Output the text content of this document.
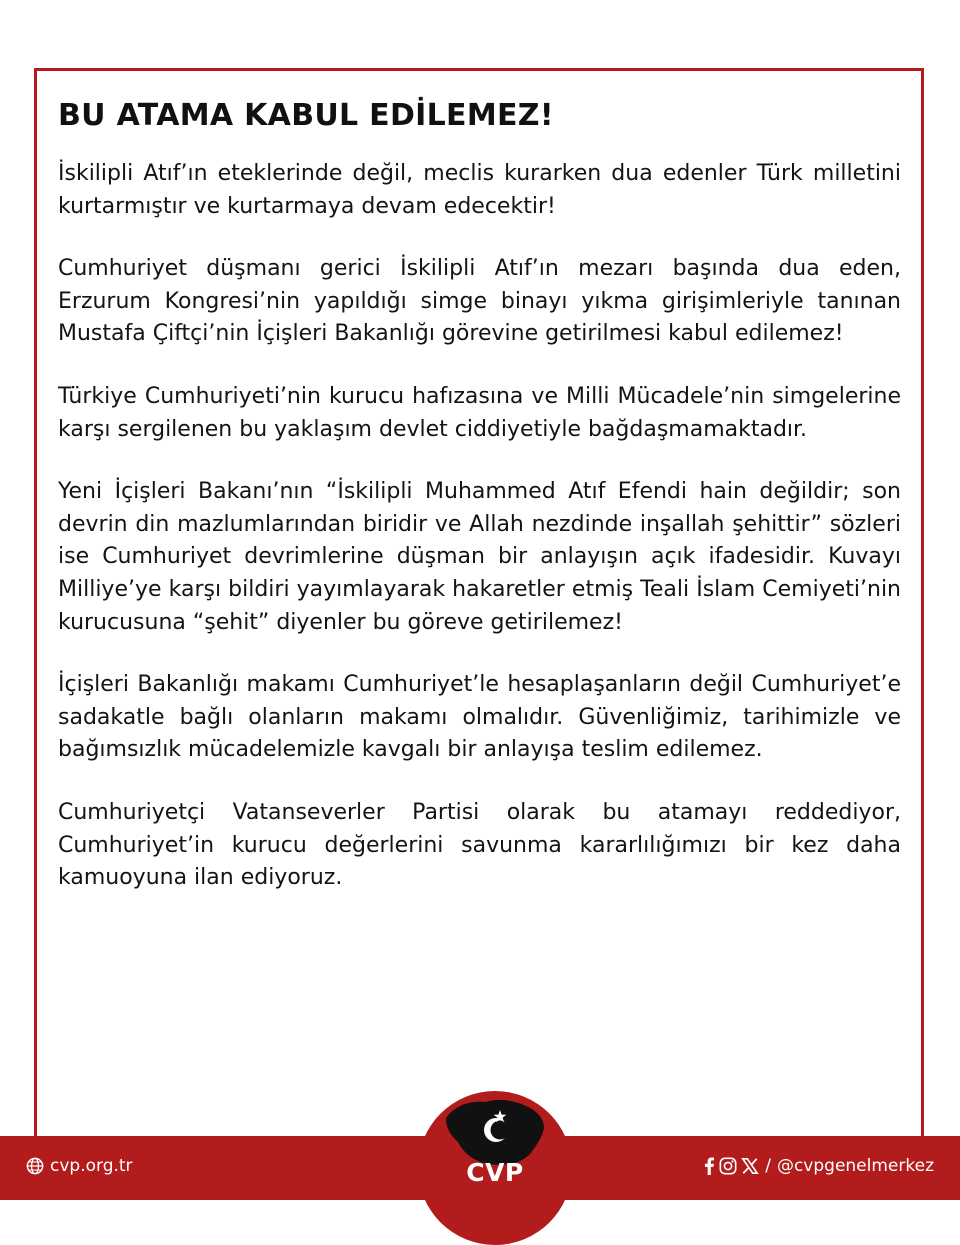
BU ATAMA KABUL EDİLEMEZ!

İskilipli Atıf’ın eteklerinde değil, meclis kurarken dua edenler Türk milletini kurtarmıştır ve kurtarmaya devam edecektir!

Cumhuriyet düşmanı gerici İskilipli Atıf’ın mezarı başında dua eden, Erzurum Kongresi’nin yapıldığı simge binayı yıkma girişimleriyle tanınan Mustafa Çiftçi’nin İçişleri Bakanlığı görevine getirilmesi kabul edilemez!

Türkiye Cumhuriyeti’nin kurucu hafızasına ve Milli Mücadele’nin simgelerine karşı sergilenen bu yaklaşım devlet ciddiyetiyle bağdaşmamaktadır.

Yeni İçişleri Bakanı’nın “İskilipli Muhammed Atıf Efendi hain değildir; son devrin din mazlumlarından biridir ve Allah nezdinde inşallah şehittir” sözleri ise Cumhuriyet devrimlerine düşman bir anlayışın açık ifadesidir. Kuvayı Milliye’ye karşı bildiri yayımlayarak hakaretler etmiş Teali İslam Cemiyeti’nin kurucusuna “şehit” diyenler bu göreve getirilemez!

İçişleri Bakanlığı makamı Cumhuriyet’le hesaplaşanların değil Cumhuriyet’e sadakatle bağlı olanların makamı olmalıdır. Güvenliğimiz, tarihimizle ve bağımsızlık mücadelemizle kavgalı bir anlayışa teslim edilemez.

Cumhuriyetçi Vatanseverler Partisi olarak bu atamayı reddediyor, Cumhuriyet’in kurucu değerlerini savunma kararlılığımızı bir kez daha kamuoyuna ilan ediyoruz.

CVP
cvp.org.tr	/ @cvpgenelmerkez
